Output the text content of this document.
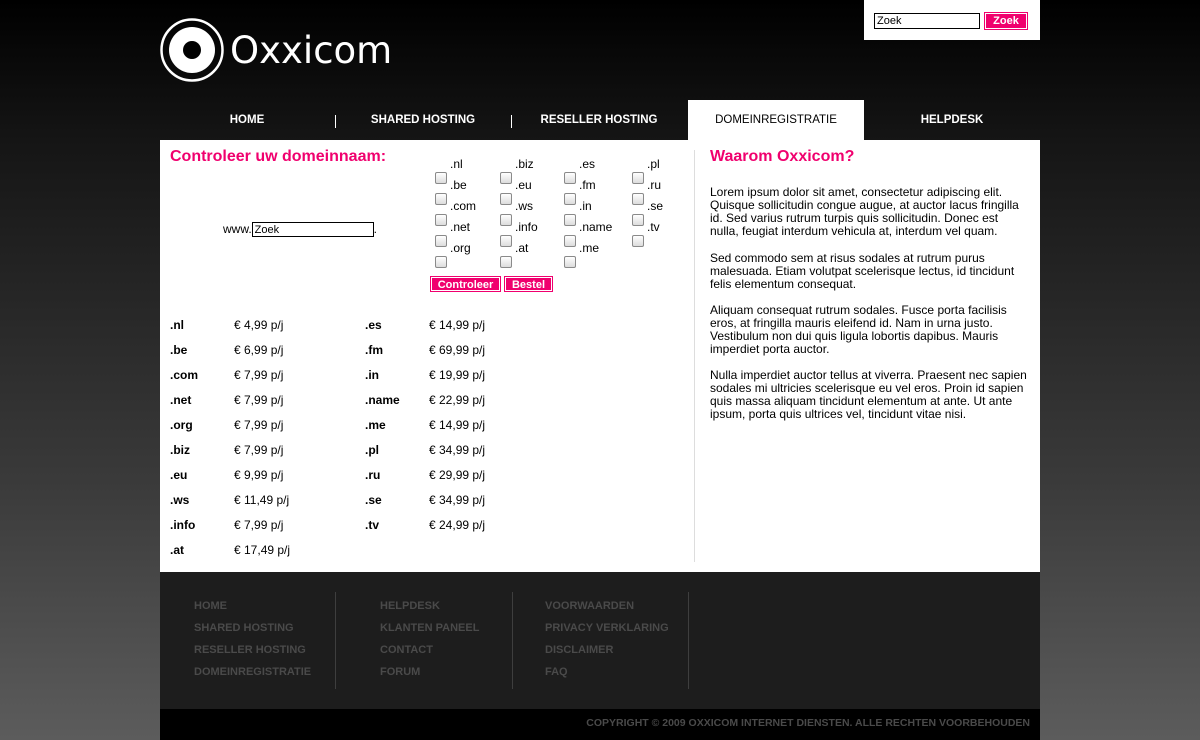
Oxxicom
Zoek
Zoek
HOME	SHARED HOSTING	RESELLER HOSTING	DOMEINREGISTRATIE	HELPDESK
Controleer uw domeinnaam:
www.Zoek	.
.nl	.biz	.es	.pl
.be	.eu	.fm	.ru
.com	.ws	.in	.se
.net	.info	.name	.tv
.org	.at	.me
Controleer	Bestel
.nl	€ 4,99 p/j
.be	€ 6,99 p/j
.com	€ 7,99 p/j
.net	€ 7,99 p/j
.org	€ 7,99 p/j
.biz	€ 7,99 p/j
.eu	€ 9,99 p/j
.ws	€ 11,49 p/j
.info	€ 7,99 p/j
.at	€ 17,49 p/j
.es	€ 14,99 p/j
.fm	€ 69,99 p/j
.in	€ 19,99 p/j
.name € 22,99 p/j
.me	€ 14,99 p/j
.pl	€ 34,99 p/j
.ru	€ 29,99 p/j
.se	€ 34,99 p/j
.tv	€ 24,99 p/j
Waarom Oxxicom?

Lorem ipsum dolor sit amet, consectetur adipiscing elit. Quisque sollicitudin congue augue, at auctor lacus fringilla id. Sed varius rutrum turpis quis sollicitudin. Donec est nulla, feugiat interdum vehicula at, interdum vel quam.

Sed commodo sem at risus sodales at rutrum purus malesuada. Etiam volutpat scelerisque lectus, id tincidunt felis elementum consequat.

Aliquam consequat rutrum sodales. Fusce porta facilisis eros, at fringilla mauris eleifend id. Nam in urna justo. Vestibulum non dui quis ligula lobortis dapibus. Mauris imperdiet porta auctor.

Nulla imperdiet auctor tellus at viverra. Praesent nec sapien sodales mi ultricies scelerisque eu vel eros. Proin id sapien quis massa aliquam tincidunt elementum at ante. Ut ante ipsum, porta quis ultrices vel, tincidunt vitae nisi.

HOME
SHARED HOSTING
RESELLER HOSTING
DOMEINREGISTRATIE
HELPDESK
KLANTEN PANEEL
CONTACT
FORUM
VOORWAARDEN
PRIVACY VERKLARING
DISCLAIMER
FAQ
COPYRIGHT © 2009 OXXICOM INTERNET DIENSTEN. ALLE RECHTEN VOORBEHOUDEN
